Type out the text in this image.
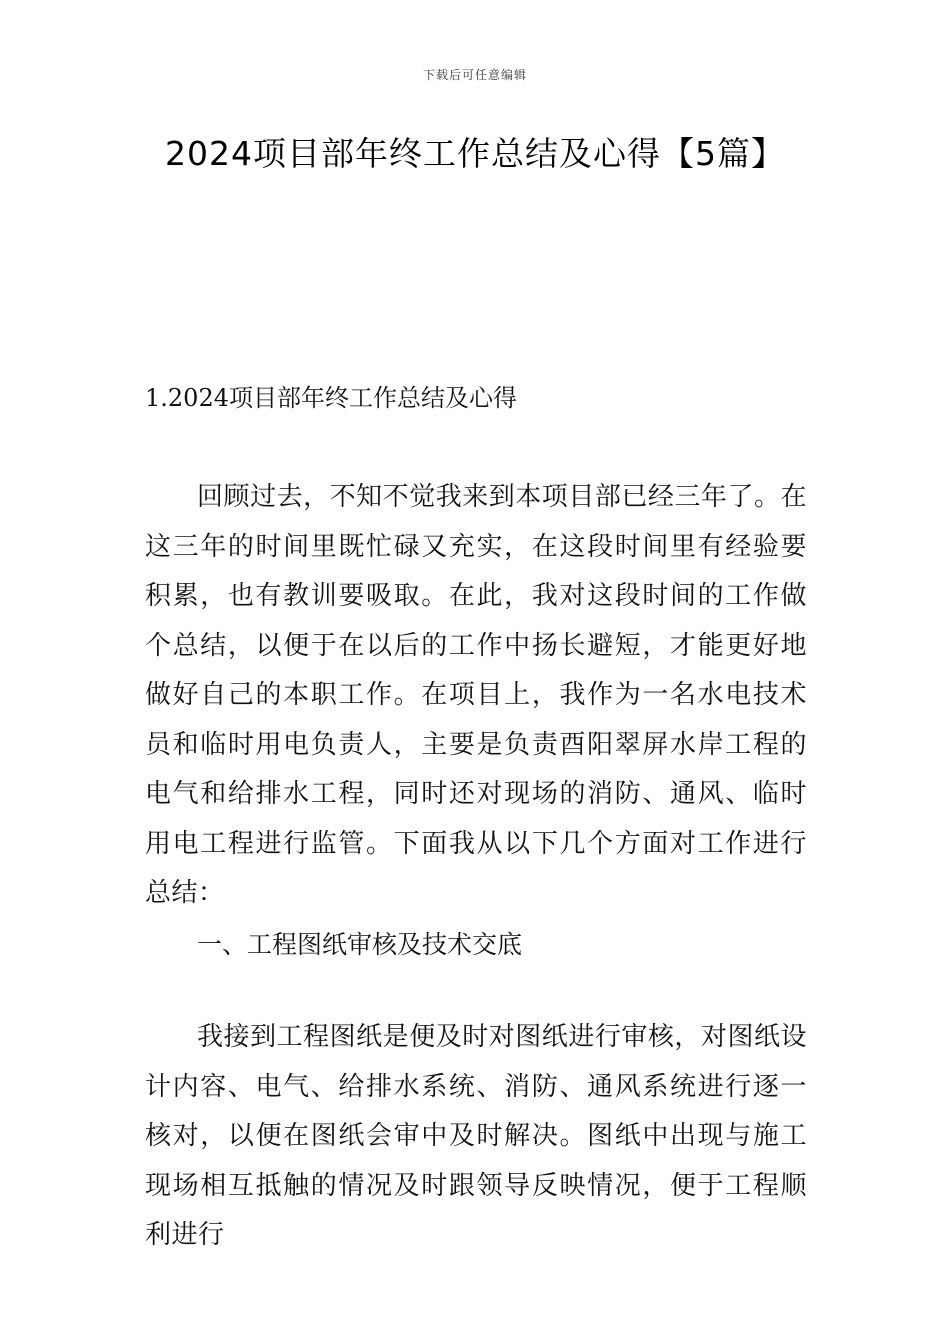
下载后可任意编辑
2024项目部年终工作总结及心得【5篇】
1.2024项目部年终工作总结及心得
回顾过去，不知不觉我来到本项目部已经三年了。在这三年的时间里既忙碌又充实，在这段时间里有经验要积累，也有教训要吸取。在此，我对这段时间的工作做个总结，以便于在以后的工作中扬长避短，才能更好地做好自己的本职工作。在项目上，我作为一名水电技术员和临时用电负责人，主要是负责酉阳翠屏水岸工程的电气和给排水工程，同时还对现场的消防、通风、临时用电工程进行监管。下面我从以下几个方面对工作进行总结：
一、工程图纸审核及技术交底
我接到工程图纸是便及时对图纸进行审核，对图纸设计内容、电气、给排水系统、消防、通风系统进行逐一核对，以便在图纸会审中及时解决。图纸中出现与施工现场相互抵触的情况及时跟领导反映情况，便于工程顺利进行
